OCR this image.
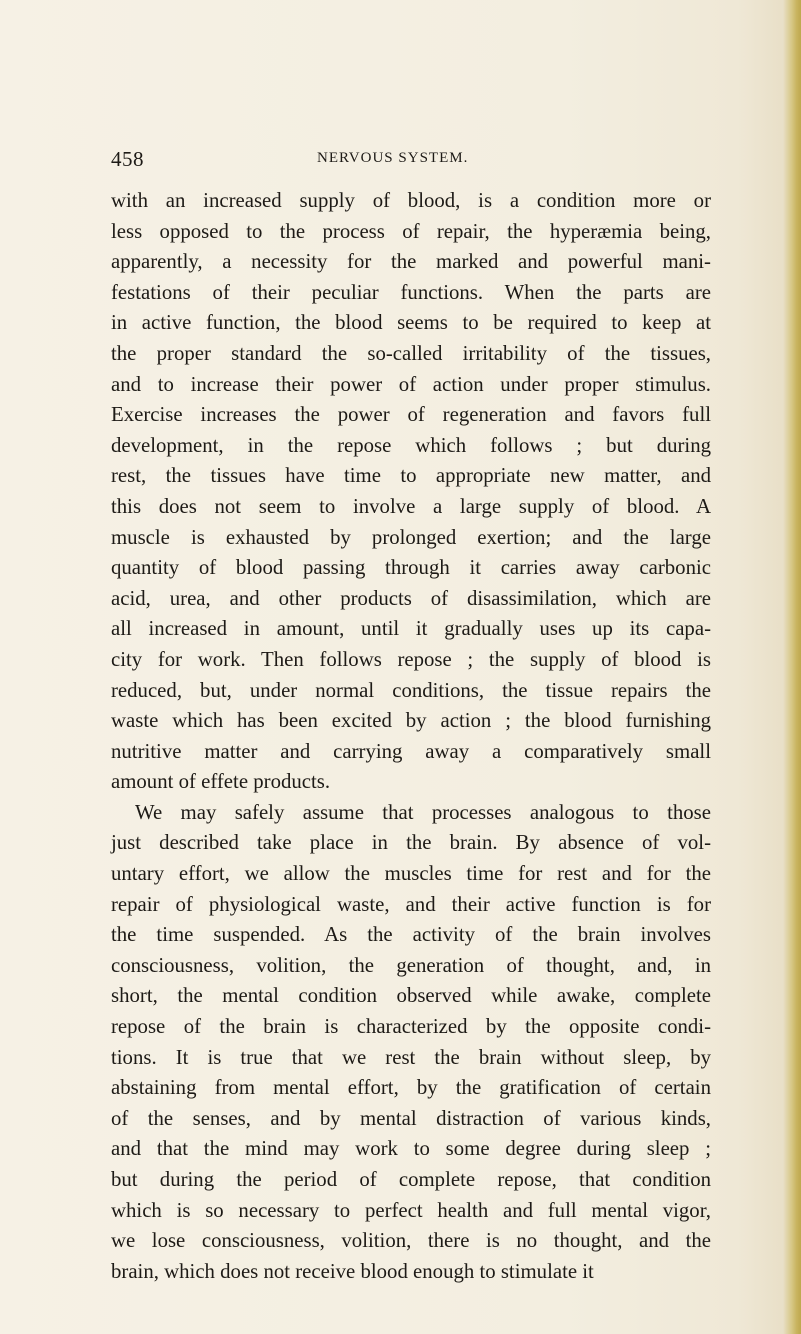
458	NERVOUS SYSTEM.
with an increased supply of blood, is a condition more or
less opposed to the process of repair, the hyperæmia being,
apparently, a necessity for the marked and powerful mani-
festations of their peculiar functions. When the parts are
in active function, the blood seems to be required to keep at
the proper standard the so-called irritability of the tissues,
and to increase their power of action under proper stimulus.
Exercise increases the power of regeneration and favors full
development, in the repose which follows ; but during
rest, the tissues have time to appropriate new matter, and
this does not seem to involve a large supply of blood. A
muscle is exhausted by prolonged exertion; and the large
quantity of blood passing through it carries away carbonic
acid, urea, and other products of disassimilation, which are
all increased in amount, until it gradually uses up its capa-
city for work. Then follows repose ; the supply of blood is
reduced, but, under normal conditions, the tissue repairs the
waste which has been excited by action ; the blood furnishing
nutritive matter and carrying away a comparatively small
amount of effete products.
We may safely assume that processes analogous to those
just described take place in the brain. By absence of vol-
untary effort, we allow the muscles time for rest and for the
repair of physiological waste, and their active function is for
the time suspended. As the activity of the brain involves
consciousness, volition, the generation of thought, and, in
short, the mental condition observed while awake, complete
repose of the brain is characterized by the opposite condi-
tions. It is true that we rest the brain without sleep, by
abstaining from mental effort, by the gratification of certain
of the senses, and by mental distraction of various kinds,
and that the mind may work to some degree during sleep ;
but during the period of complete repose, that condition
which is so necessary to perfect health and full mental vigor,
we lose consciousness, volition, there is no thought, and the
brain, which does not receive blood enough to stimulate it
